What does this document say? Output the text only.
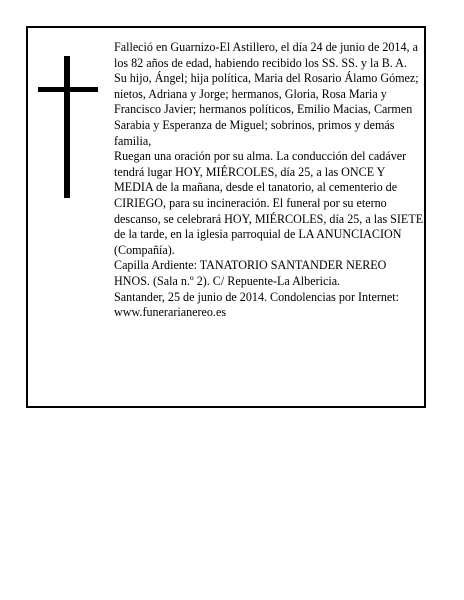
Falleció en Guarnizo-El Astillero, el día 24 de junio de 2014, a los 82 años de edad, habiendo recibido los SS. SS. y la B. A.

Su hijo, Ángel; hija política, Maria del Rosario Álamo Gómez; nietos, Adriana y Jorge; hermanos, Gloria, Rosa Maria y Francisco Javier; hermanos políticos, Emilio Macias, Carmen Sarabia y Esperanza de Miguel; sobrinos, primos y demás familia,

Ruegan una oración por su alma. La conducción del cadáver tendrá lugar HOY, MIÉRCOLES, día 25, a las ONCE Y MEDIA de la mañana, desde el tanatorio, al cementerio de CIRIEGO, para su incineración. El funeral por su eterno descanso, se celebrará HOY, MIÉRCOLES, día 25, a las SIETE de la tarde, en la iglesia parroquial de LA ANUNCIACION (Compañía).

Capilla Ardiente: TANATORIO SANTANDER NEREO HNOS. (Sala n.º 2). C/ Repuente-La Albericia.

Santander, 25 de junio de 2014. Condolencias por Internet: www.funerarianereo.es
